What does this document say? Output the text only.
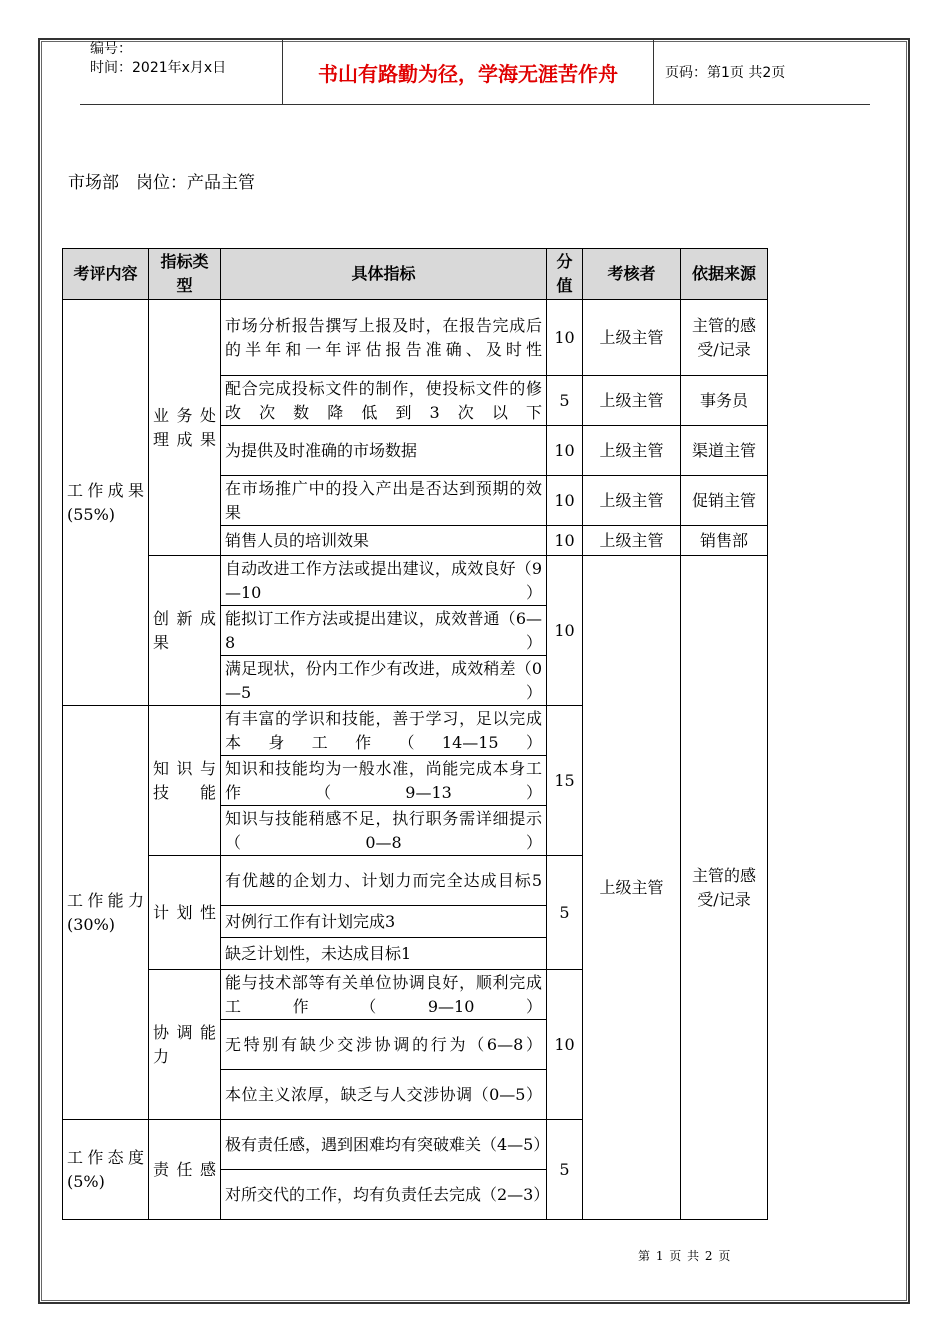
编号：
时间：2021年x月x日	书山有路勤为径，学海无涯苦作舟	页码：第1页 共2页
市场部　岗位：产品主管
考评内容	指标类型	具体指标	分值	考核者	依据来源
工作成果(55%)	业务处理成果	市场分析报告撰写上报及时，在报告完成后的半年和一年评估报告准确、及时性	10	上级主管	主管的感受/记录
		配合完成投标文件的制作，使投标文件的修改次数降低到3次以下	5	上级主管	事务员
		为提供及时准确的市场数据	10	上级主管	渠道主管
		在市场推广中的投入产出是否达到预期的效果	10	上级主管	促销主管
		销售人员的培训效果	10	上级主管	销售部
	创新成果	自动改进工作方法或提出建议，成效良好（9—10）	10	上级主管	主管的感受/记录
		能拟订工作方法或提出建议，成效普通（6—8）			
		满足现状，份内工作少有改进，成效稍差（0—5）			
工作能力(30%)	知识与技能	有丰富的学识和技能，善于学习，足以完成本身工作（14—15）	15		
		知识和技能均为一般水准，尚能完成本身工作（9—13）			
		知识与技能稍感不足，执行职务需详细提示（0—8）			
	计划性	有优越的企划力、计划力而完全达成目标5	5		
		对例行工作有计划完成3			
		缺乏计划性，未达成目标1			
	协调能力	能与技术部等有关单位协调良好，顺利完成工作（9—10）	10		
		无特别有缺少交涉协调的行为（6—8）			
		本位主义浓厚，缺乏与人交涉协调（0—5）			
工作态度(5%)	责任感	极有责任感，遇到困难均有突破难关（4—5）	5		
		对所交代的工作，均有负责任去完成（2—3）			
第 1 页 共 2 页
